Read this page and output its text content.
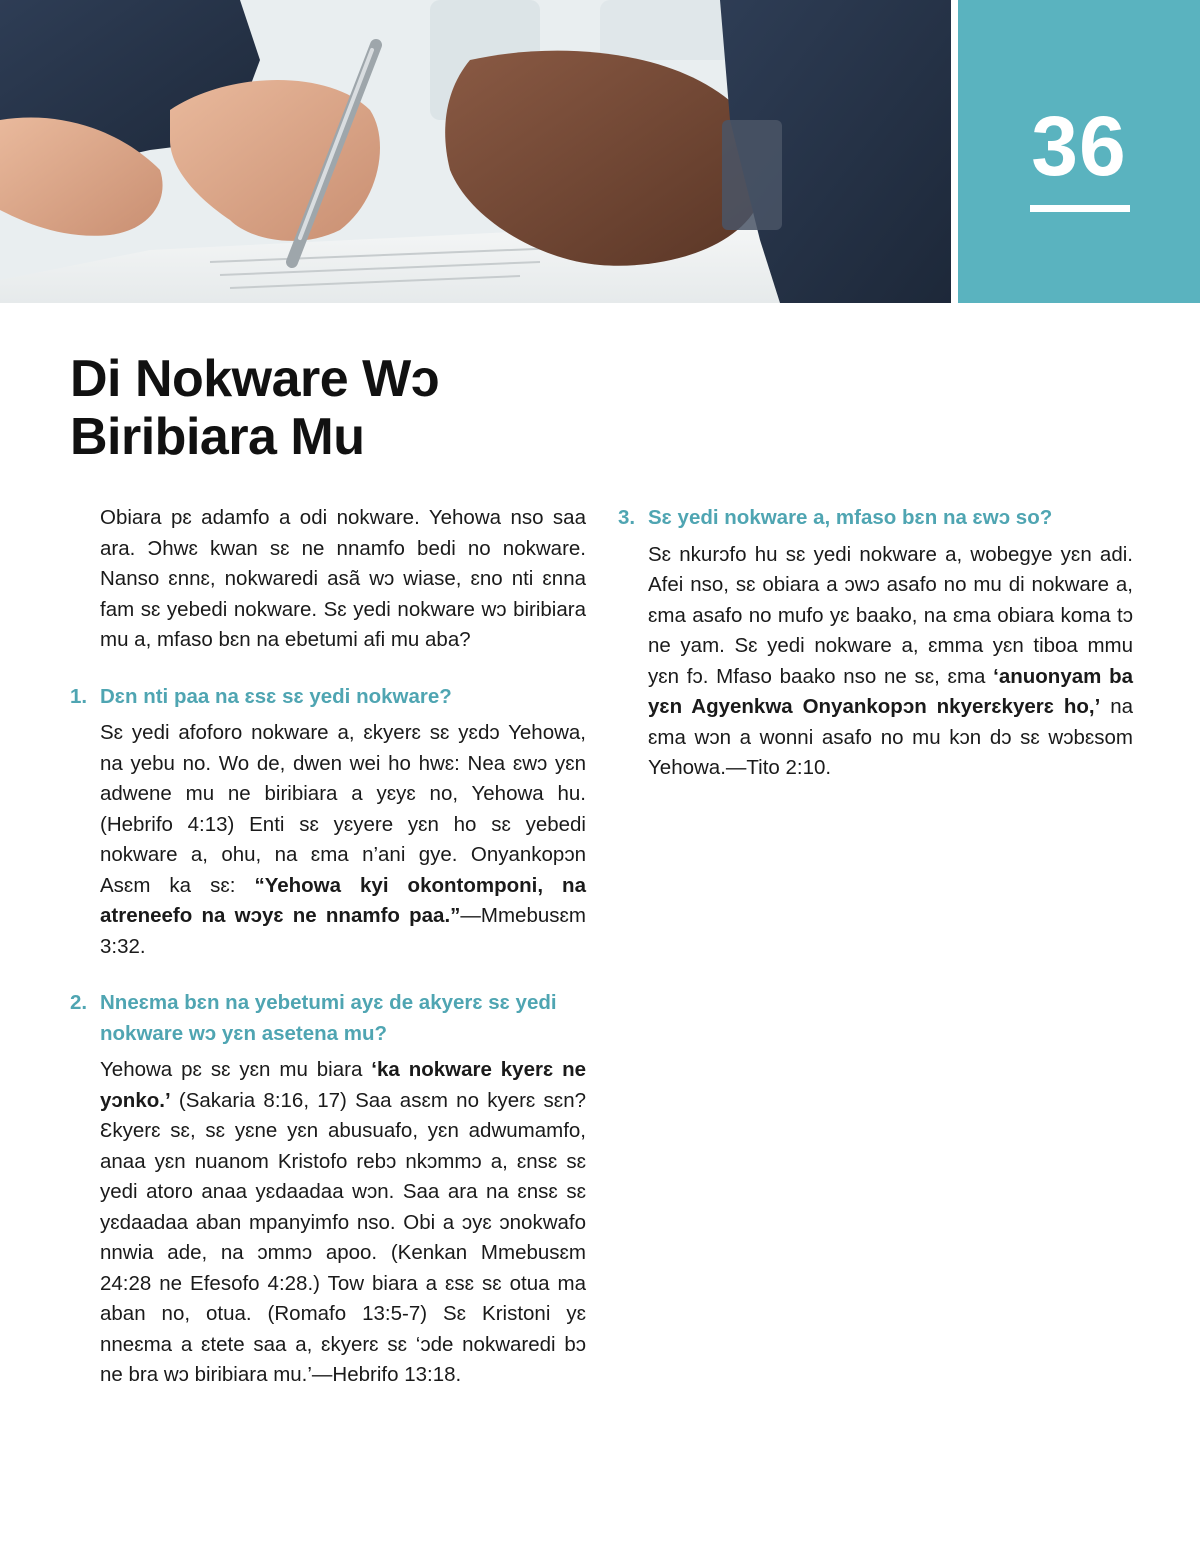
36
Di Nokware Wɔ
Biribiara Mu

Obiara pɛ adamfo a odi nokware. Yehowa nso saa ara. Ɔhwɛ kwan sɛ ne nnamfo bedi no nokware. Nanso ɛnnɛ, nokwaredi asã wɔ wiase, ɛno nti ɛnna fam sɛ yebedi nokware. Sɛ yedi nokware wɔ biribiara mu a, mfaso bɛn na ebetumi afi mu aba?

1. Dɛn nti paa na ɛsɛ sɛ yedi nokware?

Sɛ yedi afoforo nokware a, ɛkyerɛ sɛ yɛdɔ Yehowa, na yebu no. Wo de, dwen wei ho hwɛ: Nea ɛwɔ yɛn adwene mu ne biribiara a yɛyɛ no, Yehowa hu. (Hebrifo 4:13) Enti sɛ yɛyere yɛn ho sɛ yebedi nokware a, ohu, na ɛma n’ani gye. Onyankopɔn Asɛm ka sɛ: “Yehowa kyi okontomponi, na atreneefo na wɔyɛ ne nnamfo paa.”—Mmebusɛm 3:32.

2. Nneɛma bɛn na yebetumi ayɛ de akyerɛ sɛ yedi nokware wɔ yɛn asetena mu?

Yehowa pɛ sɛ yɛn mu biara ‘ka nokware kyerɛ ne yɔnko.’ (Sakaria 8:16, 17) Saa asɛm no kyerɛ sɛn? Ɛkyerɛ sɛ, sɛ yɛne yɛn abusuafo, yɛn adwumamfo, anaa yɛn nuanom Kristofo rebɔ nkɔmmɔ a, ɛnsɛ sɛ yedi atoro anaa yɛdaadaa wɔn. Saa ara na ɛnsɛ sɛ yɛdaadaa aban mpanyimfo nso. Obi a ɔyɛ ɔnokwafo nnwia ade, na ɔmmɔ apoo. (Kenkan Mmebusɛm 24:28 ne Efesofo 4:28.) Tow biara a ɛsɛ sɛ otua ma aban no, otua. (Romafo 13:5-7) Sɛ Kristoni yɛ nneɛma a ɛtete saa a, ɛkyerɛ sɛ ‘ɔde nokwaredi bɔ ne bra wɔ biribiara mu.’—Hebrifo 13:18.

3. Sɛ yedi nokware a, mfaso bɛn na ɛwɔ so?

Sɛ nkurɔfo hu sɛ yedi nokware a, wobegye yɛn adi. Afei nso, sɛ obiara a ɔwɔ asafo no mu di nokware a, ɛma asafo no mufo yɛ baako, na ɛma obiara koma tɔ ne yam. Sɛ yedi nokware a, ɛmma yɛn tiboa mmu yɛn fɔ. Mfaso baako nso ne sɛ, ɛma ‘anuonyam ba yɛn Agyenkwa Onyankopɔn nkyerɛkyerɛ ho,’ na ɛma wɔn a wonni asafo no mu kɔn dɔ sɛ wɔbɛsom Yehowa.—Tito 2:10.
